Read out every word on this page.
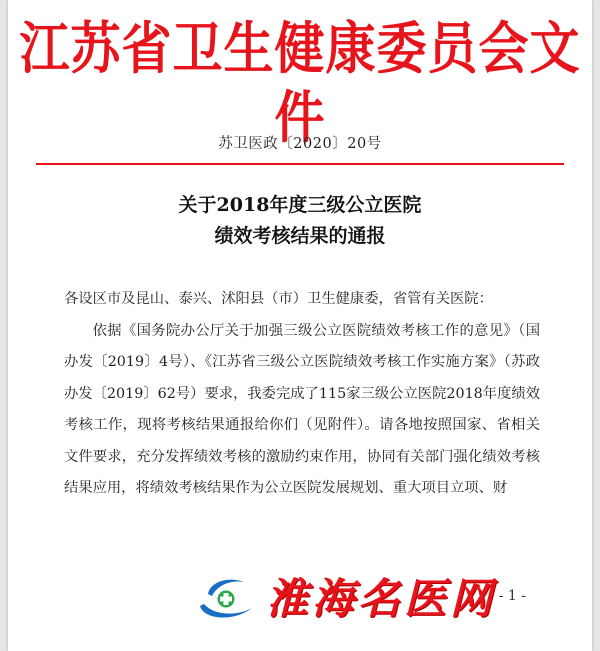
江苏省卫生健康委员会文件
苏卫医政〔2020〕20号
关于2018年度三级公立医院
绩效考核结果的通报

各设区市及昆山、泰兴、沭阳县（市）卫生健康委，省管有关医院：

依据《国务院办公厅关于加强三级公立医院绩效考核工作的意见》（国办发〔2019〕4号）、《江苏省三级公立医院绩效考核工作实施方案》（苏政办发〔2019〕62号）要求，我委完成了115家三级公立医院2018年度绩效考核工作，现将考核结果通报给你们（见附件）。请各地按照国家、省相关文件要求，充分发挥绩效考核的激励约束作用，协同有关部门强化绩效考核结果应用，将绩效考核结果作为公立医院发展规划、重大项目立项、财

淮海名医网 - 1 -
